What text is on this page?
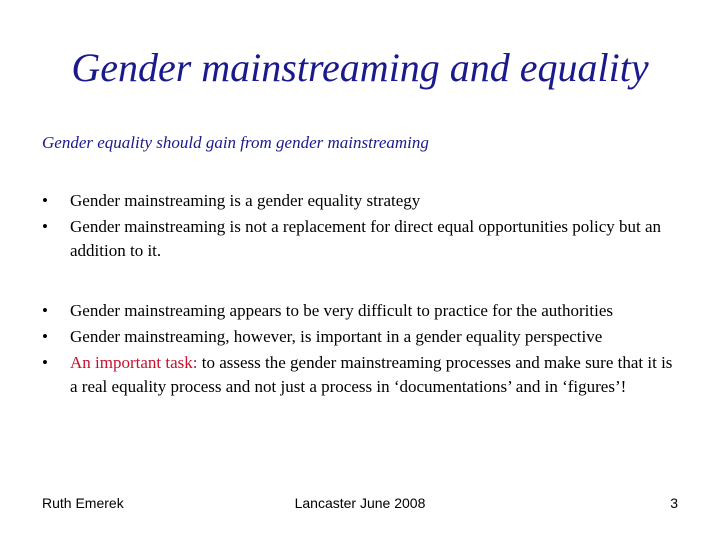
Gender mainstreaming and equality
Gender equality should gain from gender mainstreaming
• Gender mainstreaming is a gender equality strategy
• Gender mainstreaming is not a replacement for direct equal opportunities policy but an addition to it.
• Gender mainstreaming appears to be very difficult to practice for the authorities
• Gender mainstreaming, however, is important in a gender equality perspective
• An important task: to assess the gender mainstreaming processes and make sure that it is a real equality process and not just a process in ‘documentations’ and in ‘figures’!
Ruth Emerek	Lancaster June 2008	3
